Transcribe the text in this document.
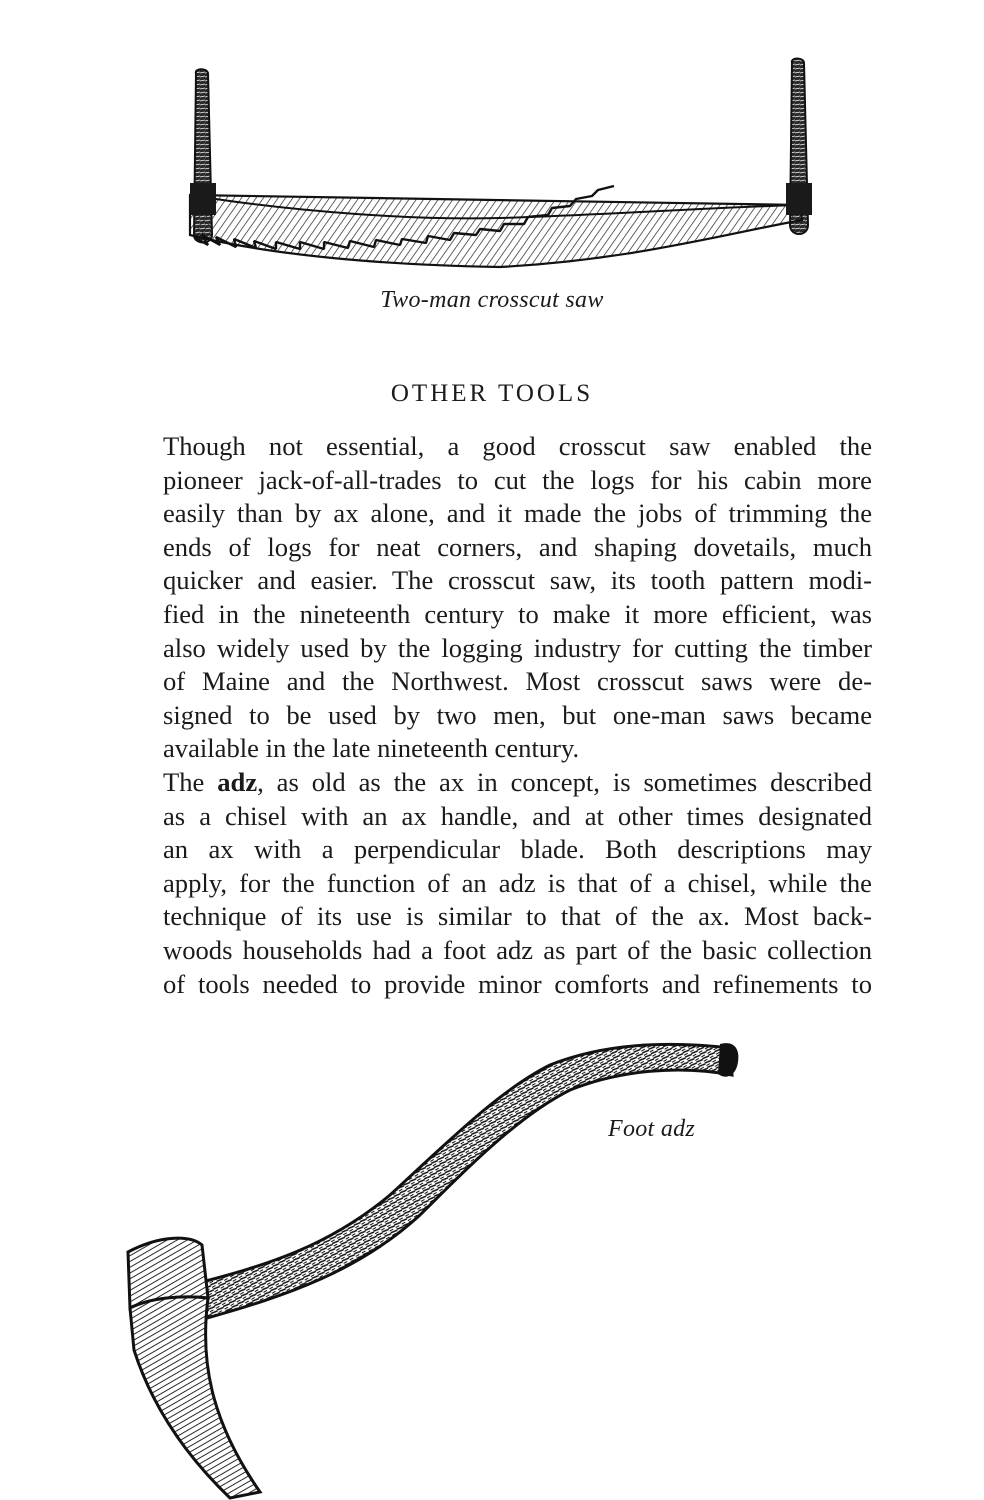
Two-man crosscut saw
OTHER TOOLS

Though not essential, a good crosscut saw enabled the
pioneer jack-of-all-trades to cut the logs for his cabin more
easily than by ax alone, and it made the jobs of trimming the
ends of logs for neat corners, and shaping dovetails, much
quicker and easier. The crosscut saw, its tooth pattern modi-
fied in the nineteenth century to make it more efficient, was
also widely used by the logging industry for cutting the timber
of Maine and the Northwest. Most crosscut saws were de-
signed to be used by two men, but one-man saws became
available in the late nineteenth century.

The adz, as old as the ax in concept, is sometimes described
as a chisel with an ax handle, and at other times designated
an ax with a perpendicular blade. Both descriptions may
apply, for the function of an adz is that of a chisel, while the
technique of its use is similar to that of the ax. Most back-
woods households had a foot adz as part of the basic collection
of tools needed to provide minor comforts and refinements to

Foot adz
